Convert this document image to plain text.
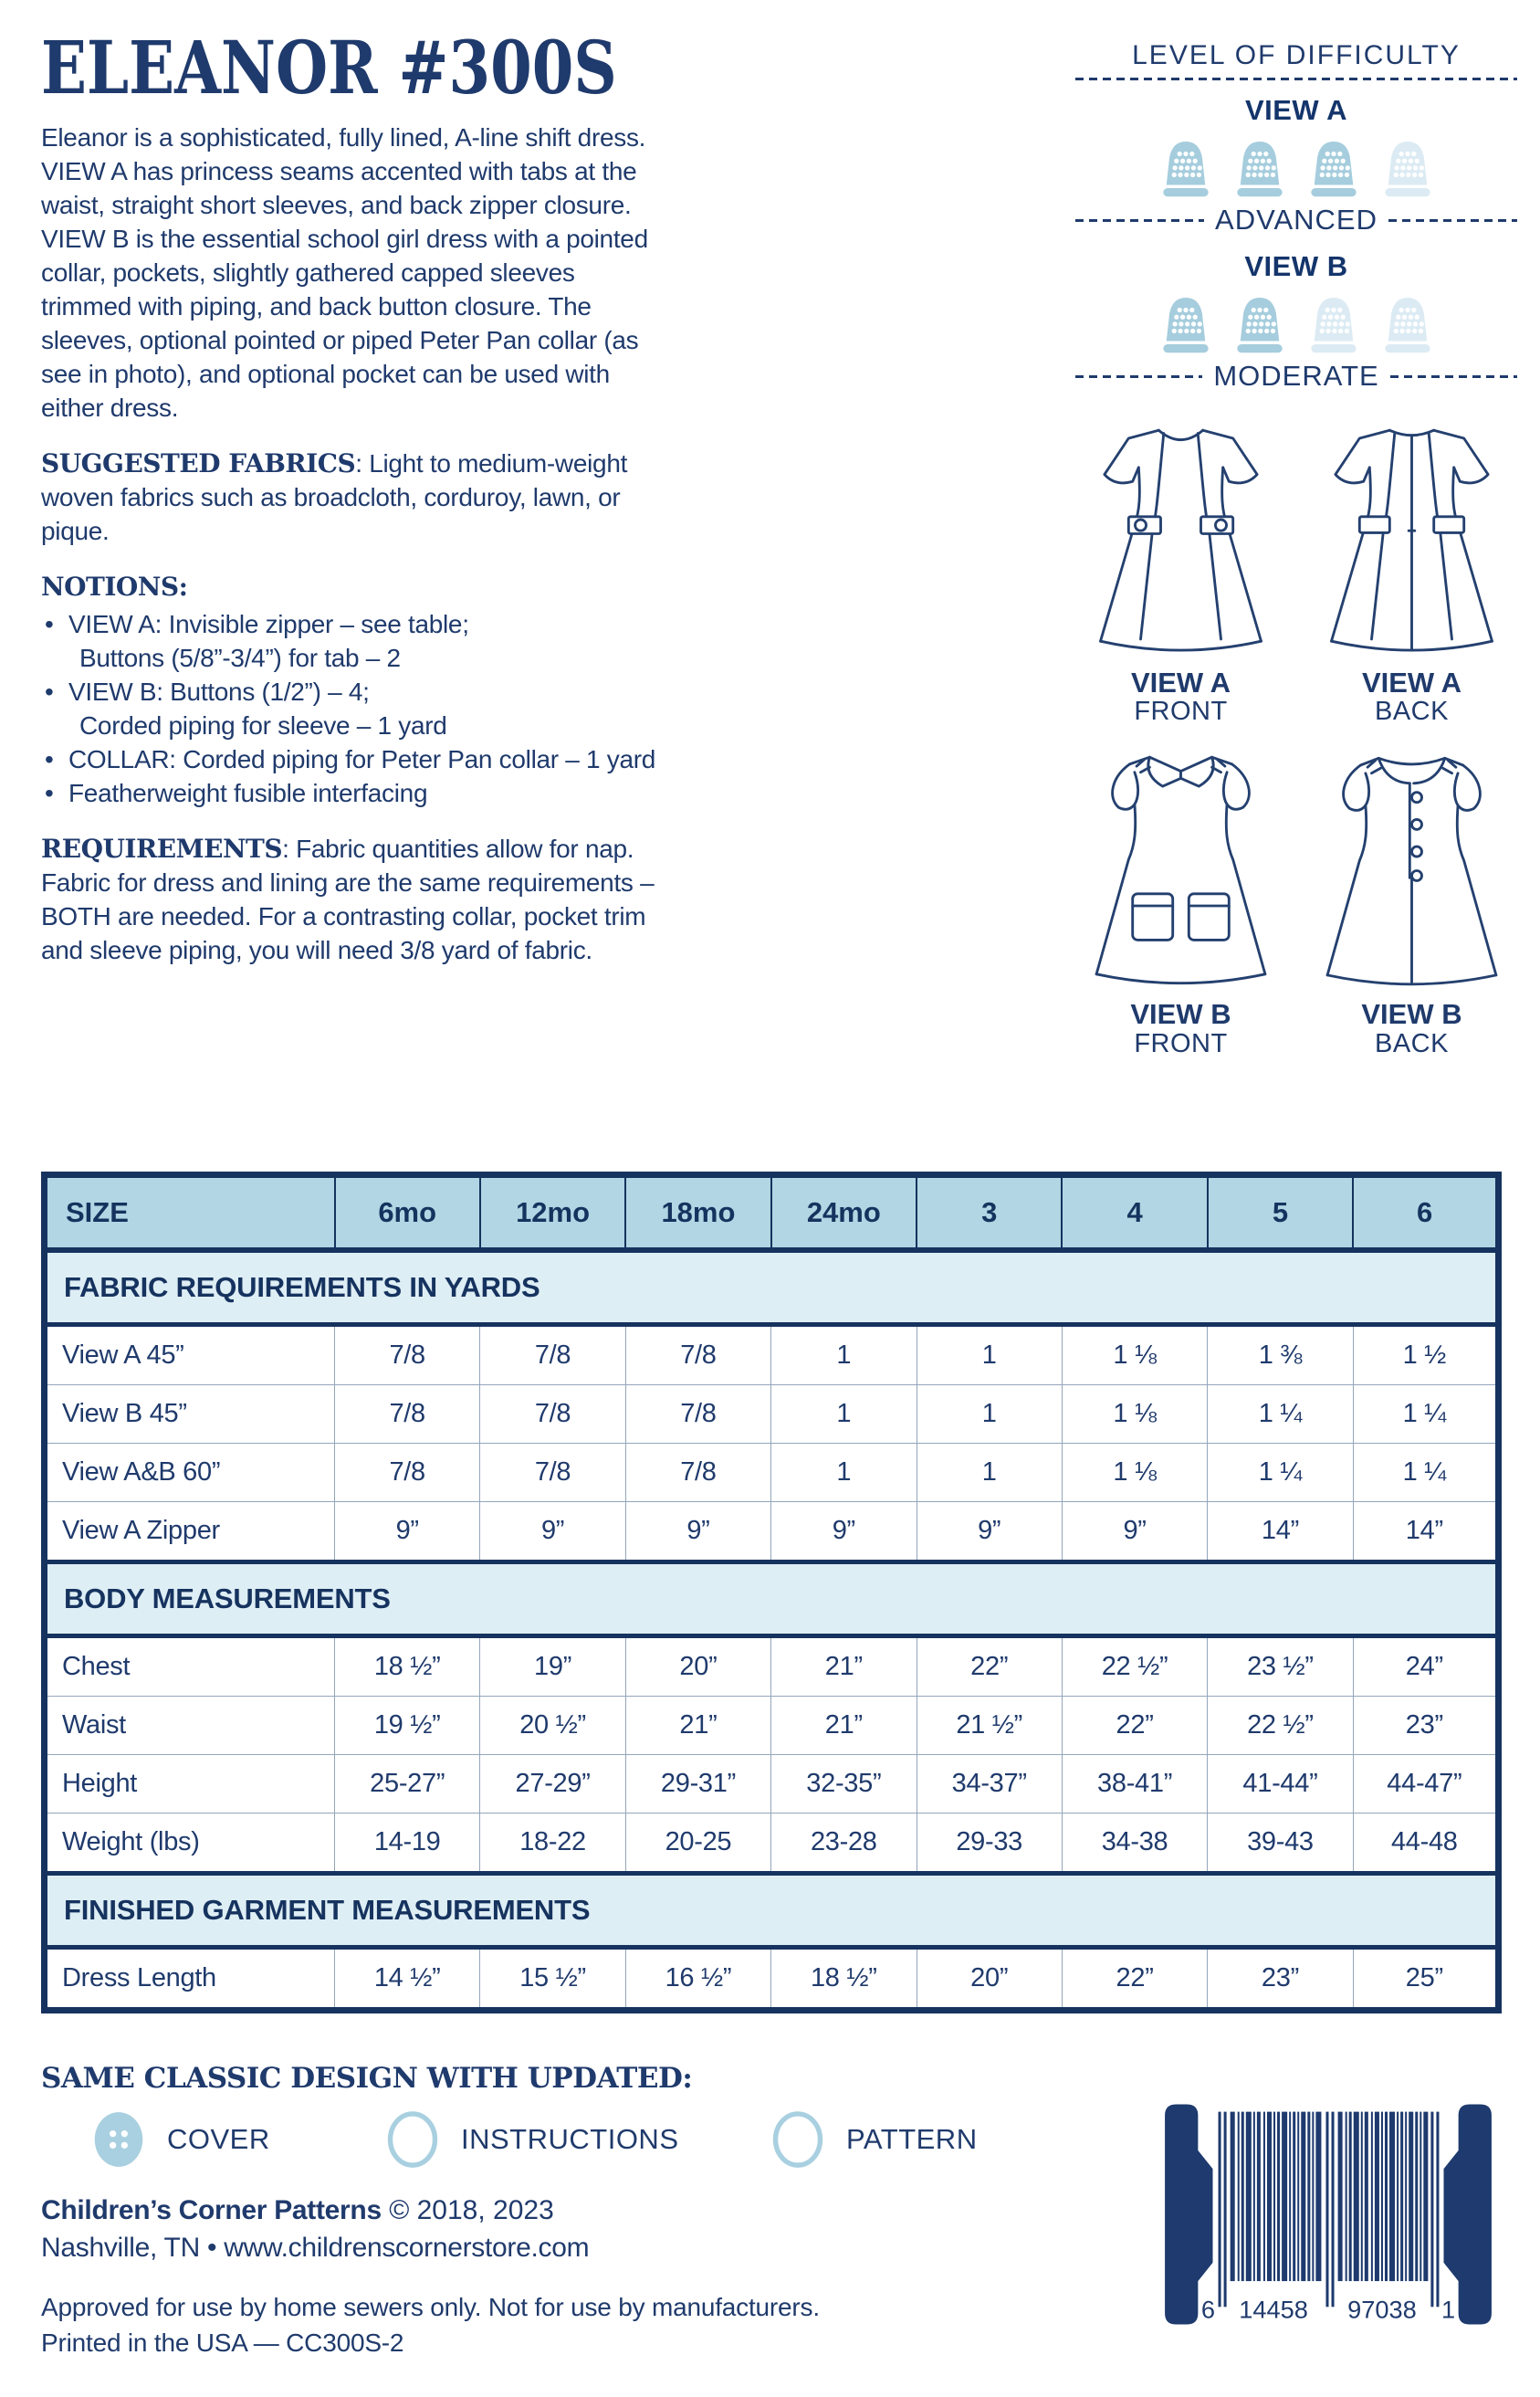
ELEANOR #300S
Eleanor is a sophisticated, fully lined, A-line shift dress. VIEW A has princess seams accented with tabs at the waist, straight short sleeves, and back zipper closure. VIEW B is the essential school girl dress with a pointed collar, pockets, slightly gathered capped sleeves trimmed with piping, and back button closure. The sleeves, optional pointed or piped Peter Pan collar (as see in photo), and optional pocket can be used with either dress.
SUGGESTED FABRICS: Light to medium-weight woven fabrics such as broadcloth, corduroy, lawn, or pique.
NOTIONS:
• VIEW A: Invisible zipper – see table;
Buttons (5/8”-3/4”) for tab – 2
• VIEW B: Buttons (1/2”) – 4;
Corded piping for sleeve – 1 yard
• COLLAR: Corded piping for Peter Pan collar – 1 yard
• Featherweight fusible interfacing
REQUIREMENTS: Fabric quantities allow for nap. Fabric for dress and lining are the same requirements – BOTH are needed. For a contrasting collar, pocket trim and sleeve piping, you will need 3/8 yard of fabric.
LEVEL OF DIFFICULTY
VIEW A
ADVANCED
VIEW B
MODERATE
VIEW A
FRONT
VIEW A
BACK
VIEW B
FRONT
VIEW B
BACK
SIZE	6mo	12mo	18mo	24mo	3	4	5	6
FABRIC REQUIREMENTS IN YARDS								
View A 45”	7/8	7/8	7/8	1	1	1 ⅛	1 ⅜	1 ½
View B 45”	7/8	7/8	7/8	1	1	1 ⅛	1 ¼	1 ¼
View A&B 60”	7/8	7/8	7/8	1	1	1 ⅛	1 ¼	1 ¼
View A Zipper	9”	9”	9”	9”	9”	9”	14”	14”
BODY MEASUREMENTS								
Chest	18 ½”	19”	20”	21”	22”	22 ½”	23 ½”	24”
Waist	19 ½”	20 ½”	21”	21”	21 ½”	22”	22 ½”	23”
Height	25-27”	27-29”	29-31”	32-35”	34-37”	38-41”	41-44”	44-47”
Weight (lbs)	14-19	18-22	20-25	23-28	29-33	34-38	39-43	44-48
FINISHED GARMENT MEASUREMENTS								
Dress Length	14 ½”	15 ½”	16 ½”	18 ½”	20”	22”	23”	25”
SAME CLASSIC DESIGN WITH UPDATED:
COVER	INSTRUCTIONS	PATTERN
Children’s Corner Patterns © 2018, 2023
Nashville, TN • www.childrenscornerstore.com
Approved for use by home sewers only. Not for use by manufacturers.
Printed in the USA — CC300S-2
6 14458 97038 1
